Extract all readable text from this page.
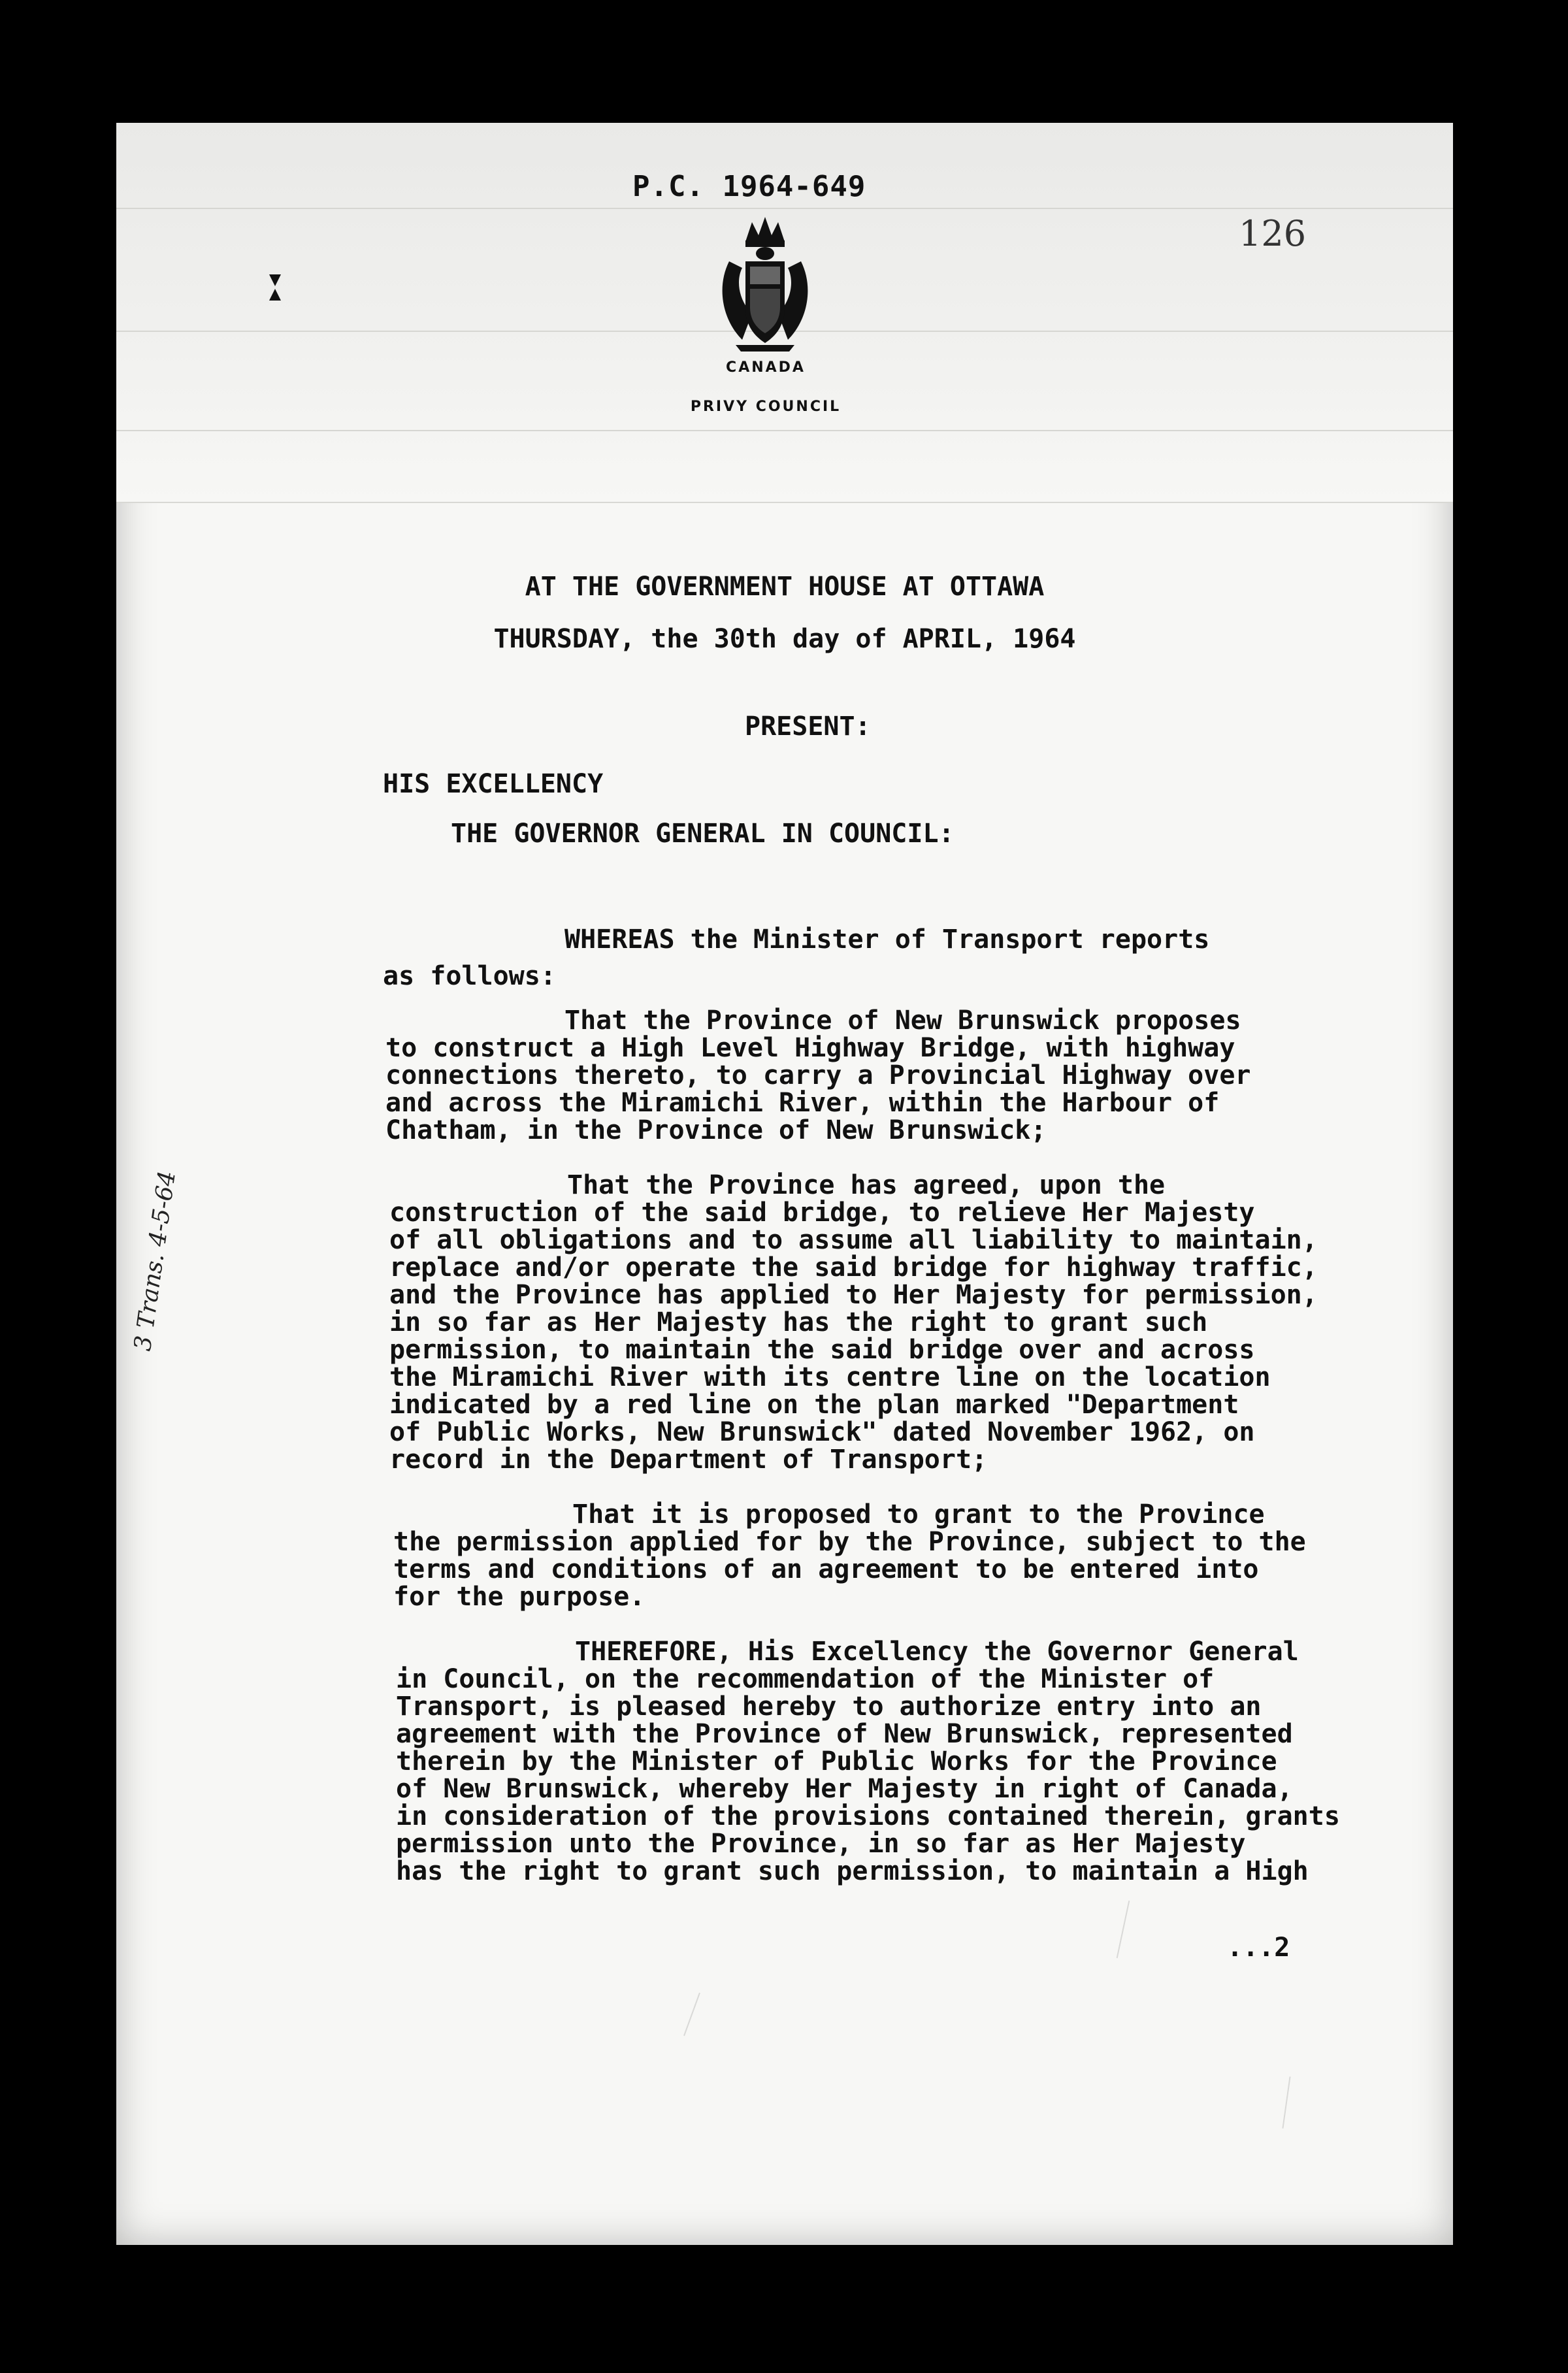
P.C. 1964-649
126
CANADA
PRIVY COUNCIL
3 Trans. 4-5-64
AT THE GOVERNMENT HOUSE AT OTTAWA
THURSDAY, the 30th day of APRIL, 1964
PRESENT:
HIS EXCELLENCY
THE GOVERNOR GENERAL IN COUNCIL:
WHEREAS the Minister of Transport reports
as follows:
That the Province of New Brunswick proposes
to construct a High Level Highway Bridge, with highway
connections thereto, to carry a Provincial Highway over
and across the Miramichi River, within the Harbour of
Chatham, in the Province of New Brunswick;
That the Province has agreed, upon the
construction of the said bridge, to relieve Her Majesty
of all obligations and to assume all liability to maintain,
replace and/or operate the said bridge for highway traffic,
and the Province has applied to Her Majesty for permission,
in so far as Her Majesty has the right to grant such
permission, to maintain the said bridge over and across
the Miramichi River with its centre line on the location
indicated by a red line on the plan marked "Department
of Public Works, New Brunswick" dated November 1962, on
record in the Department of Transport;
That it is proposed to grant to the Province
the permission applied for by the Province, subject to the
terms and conditions of an agreement to be entered into
for the purpose.
THEREFORE, His Excellency the Governor General
in Council, on the recommendation of the Minister of
Transport, is pleased hereby to authorize entry into an
agreement with the Province of New Brunswick, represented
therein by the Minister of Public Works for the Province
of New Brunswick, whereby Her Majesty in right of Canada,
in consideration of the provisions contained therein, grants
permission unto the Province, in so far as Her Majesty
has the right to grant such permission, to maintain a High
...2
